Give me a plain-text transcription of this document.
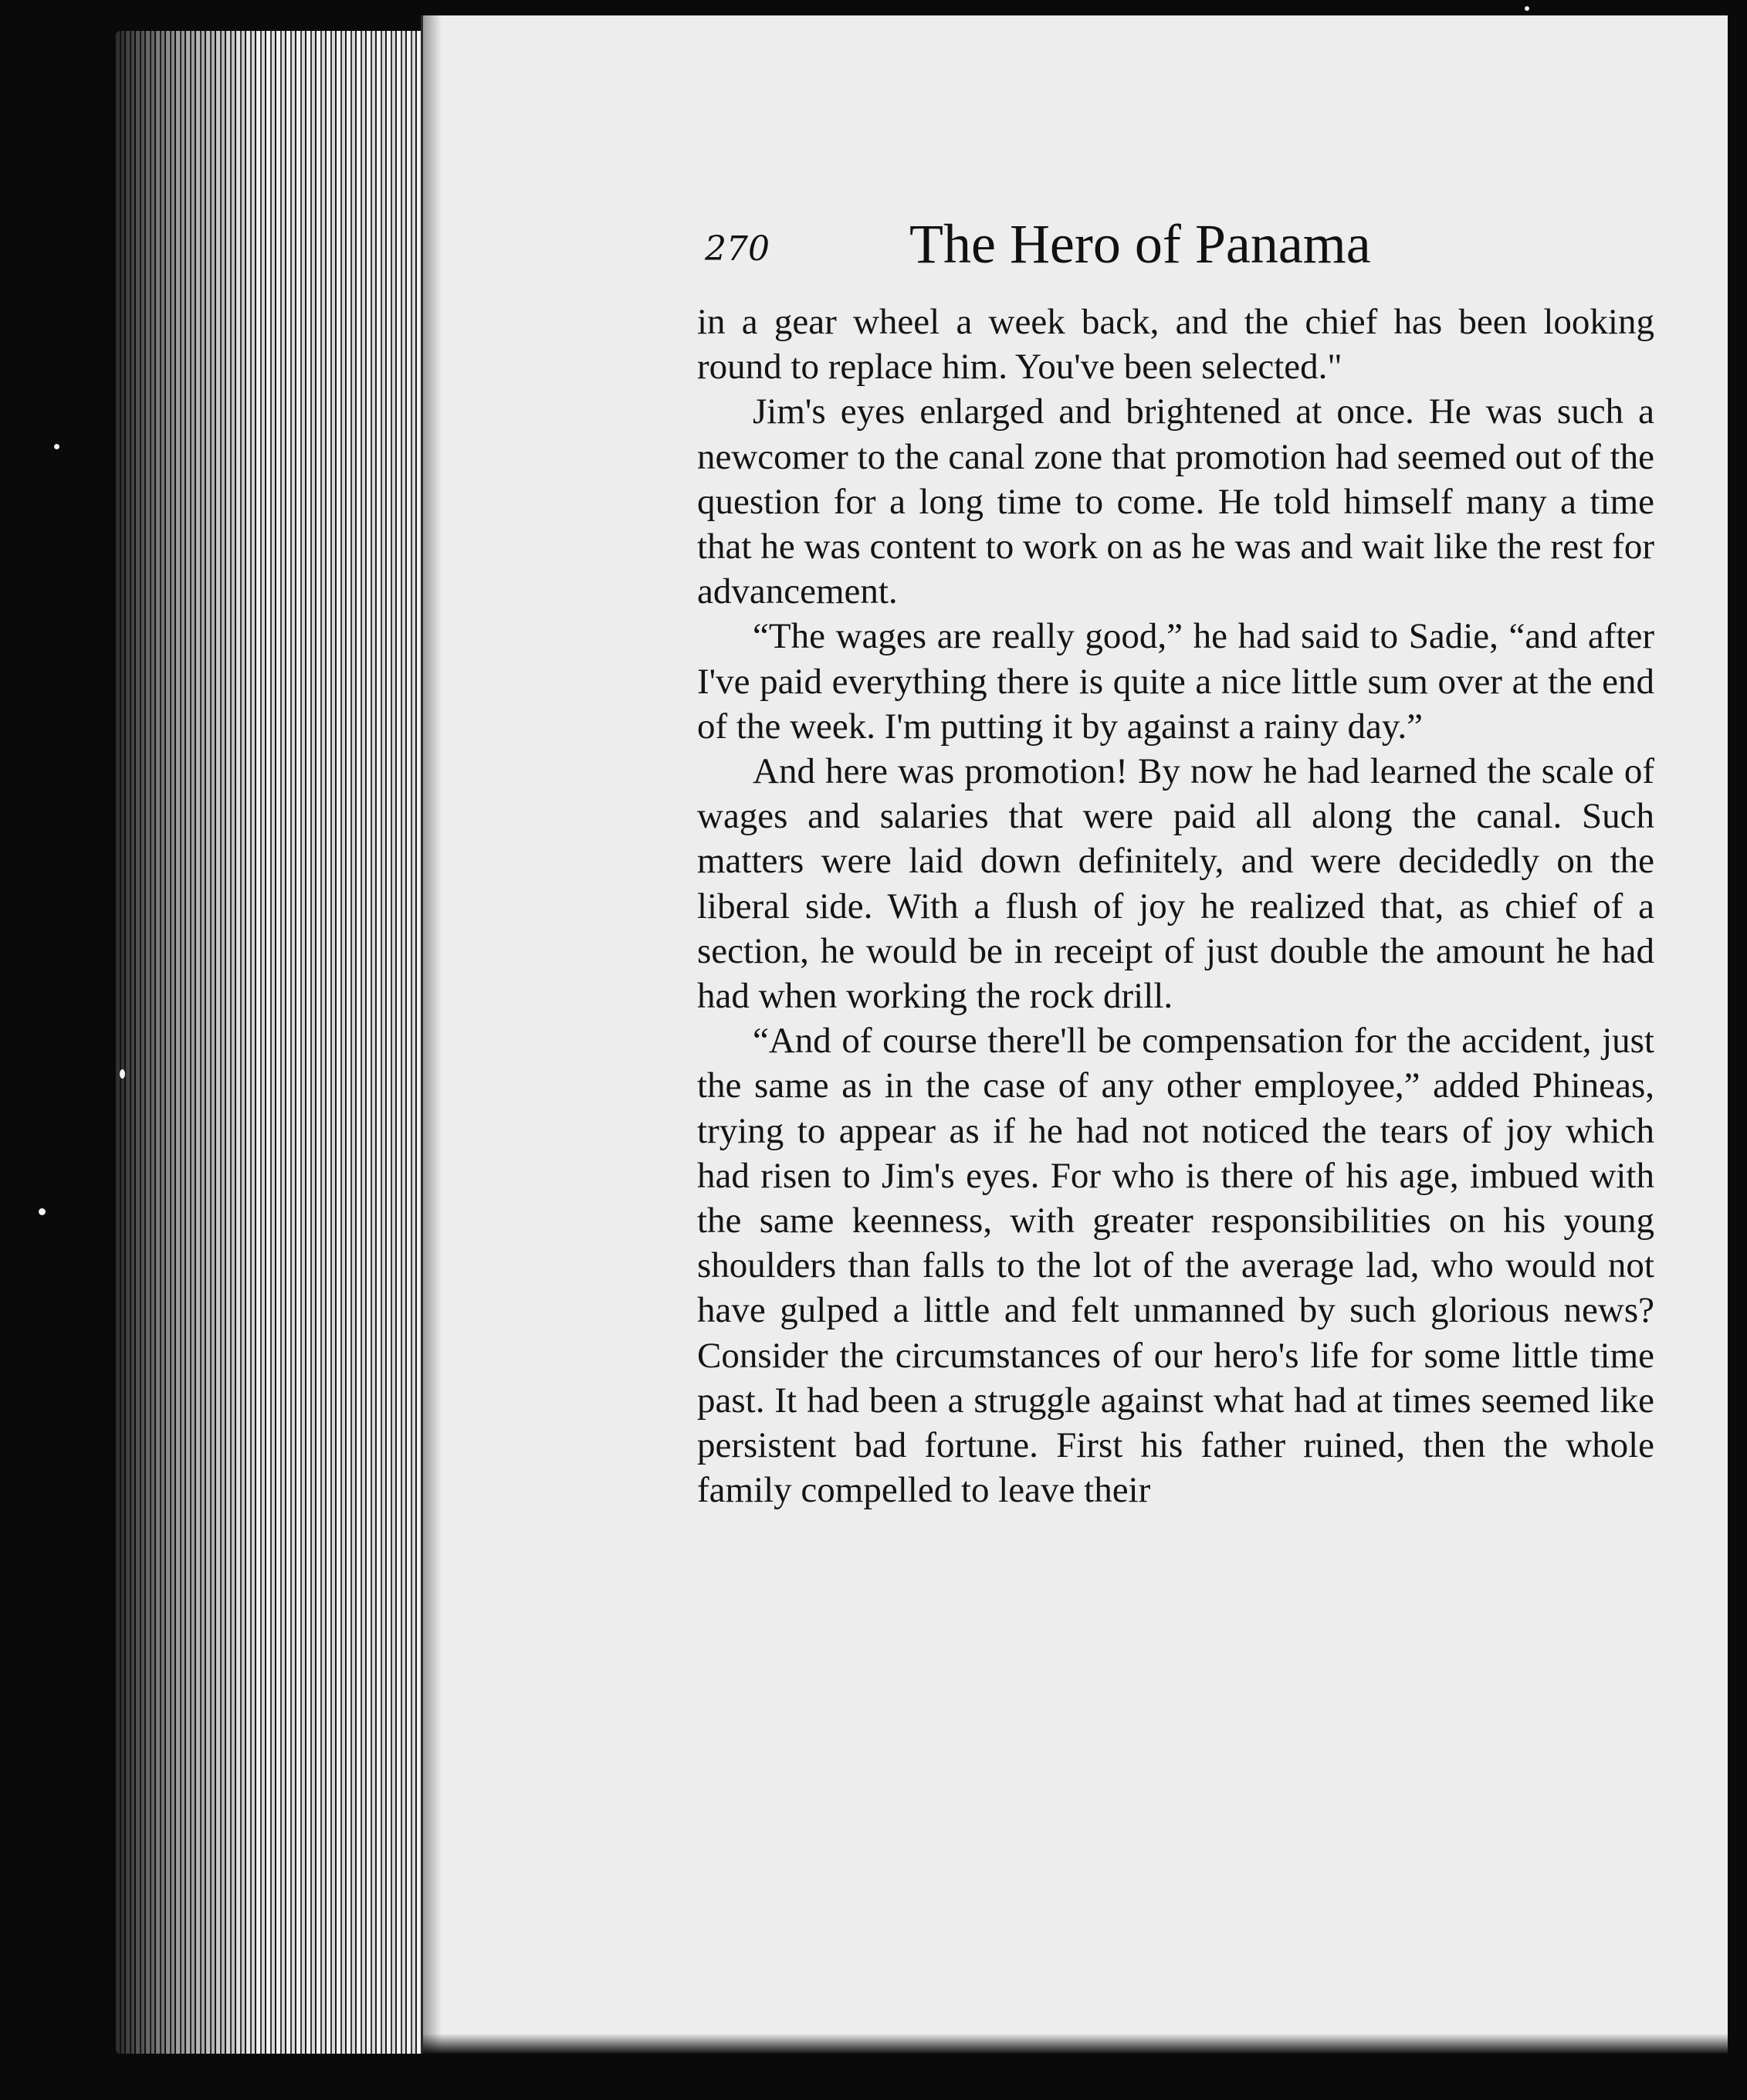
270	The Hero of Panama

in a gear wheel a week back, and the chief has been looking round to replace him. You've been selected."

Jim's eyes enlarged and brightened at once. He was such a newcomer to the canal zone that promotion had seemed out of the question for a long time to come. He told himself many a time that he was content to work on as he was and wait like the rest for advancement.

“The wages are really good,” he had said to Sadie, “and after I've paid everything there is quite a nice little sum over at the end of the week. I'm putting it by against a rainy day.”

And here was promotion! By now he had learned the scale of wages and salaries that were paid all along the canal. Such matters were laid down definitely, and were decidedly on the liberal side. With a flush of joy he realized that, as chief of a section, he would be in receipt of just double the amount he had had when working the rock drill.

“And of course there'll be compensation for the accident, just the same as in the case of any other employee,” added Phineas, trying to appear as if he had not noticed the tears of joy which had risen to Jim's eyes. For who is there of his age, imbued with the same keenness, with greater responsibilities on his young shoulders than falls to the lot of the average lad, who would not have gulped a little and felt unmanned by such glorious news? Consider the circumstances of our hero's life for some little time past. It had been a struggle against what had at times seemed like persistent bad fortune. First his father ruined, then the whole family compelled to leave their
